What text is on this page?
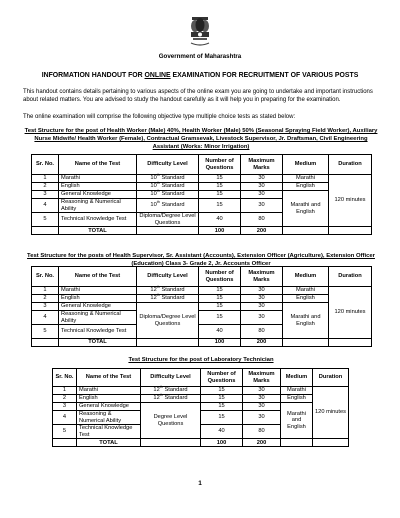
Government of Maharashtra
INFORMATION HANDOUT FOR ONLINE EXAMINATION FOR RECRUITMENT OF VARIOUS POSTS
This handout contains details pertaining to various aspects of the online exam you are going to undertake and important instructions about related matters. You are advised to study the handout carefully as it will help you in preparing for the examination.
The online examination will comprise the following objective type multiple choice tests as stated below:
Test Structure for the post of Health Worker (Male) 40%, Health Worker (Male) 50% (Seasonal Spraying Field Worker), Auxiliary Nurse Midwife/ Health Worker (Female), Contractual Gramsevak, Livestock Supervisor, Jr. Draftsman, Civil Engineering Assistant (Works: Minor Irrigation)
Sr. No.	Name of the Test	Difficulty Level	Number of Questions	Maximum Marks	Medium	Duration
1	Marathi	10th Standard	15	30	Marathi	120 minutes
2	English	10th Standard	15	30	English	
3	General Knowledge	10th Standard	15	30	Marathi and English	
4	Reasoning & Numerical Ability	10th Standard	15	30		
5	Technical Knowledge Test	Diploma/Degree Level Questions	40	80		
	TOTAL		100	200		
Test Structure for the posts of Health Supervisor, Sr. Assistant (Accounts), Extension Officer (Agriculture), Extension Officer (Education) Class 3- Grade 2, Jr. Accounts Officer
Sr. No.	Name of the Test	Difficulty Level	Number of Questions	Maximum Marks	Medium	Duration
1	Marathi	12th Standard	15	30	Marathi	120 minutes
2	English	12th Standard	15	30	English	
3	General Knowledge	Diploma/Degree Level Questions	15	30	Marathi and English	
4	Reasoning & Numerical Ability		15	30		
5	Technical Knowledge Test		40	80		
	TOTAL		100	200		
Test Structure for the post of Laboratory Technician
Sr. No.	Name of the Test	Difficulty Level	Number of Questions	Maximum Marks	Medium	Duration
1	Marathi	12th Standard	15	30	Marathi	120 minutes
2	English	12th Standard	15	30	English	
3	General Knowledge	Degree Level Questions	15	30	Marathi and English	
4	Reasoning & Numerical Ability		15	30		
5	Technical Knowledge Test		40	80		
	TOTAL		100	200		
1
